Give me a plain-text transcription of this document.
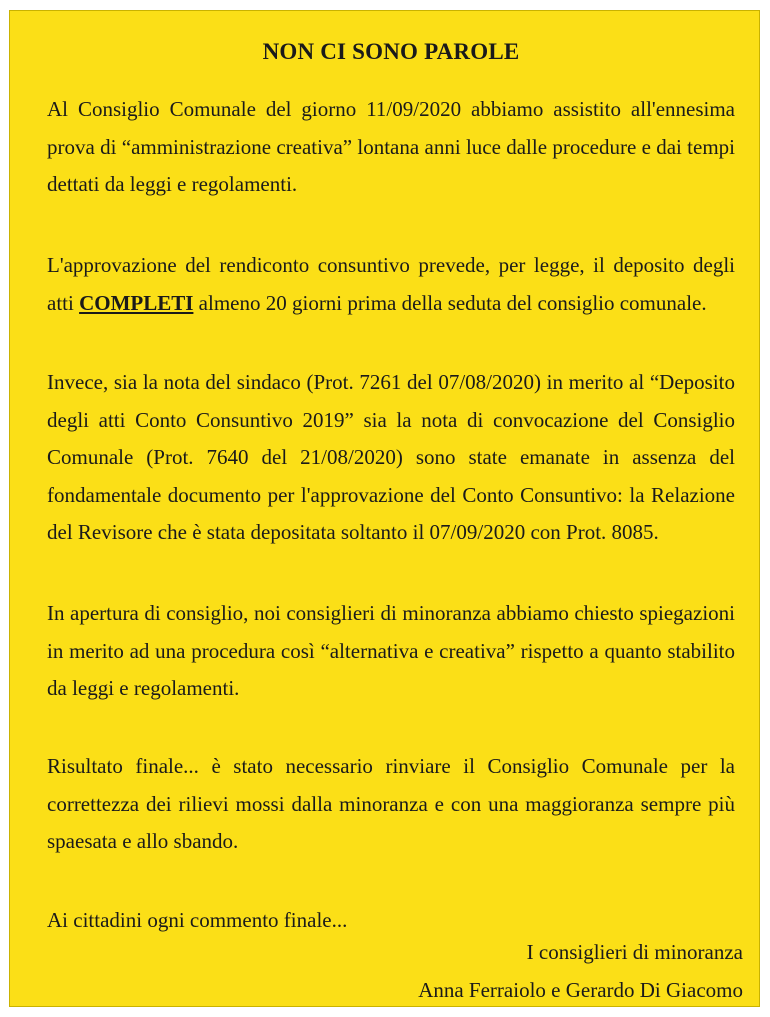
NON CI SONO PAROLE

Al Consiglio Comunale del giorno 11/09/2020 abbiamo assistito all'ennesima prova di “amministrazione creativa” lontana anni luce dalle procedure e dai tempi dettati da leggi e regolamenti.

L'approvazione del rendiconto consuntivo prevede, per legge, il deposito degli atti COMPLETI almeno 20 giorni prima della seduta del consiglio comunale.

Invece, sia la nota del sindaco (Prot. 7261 del 07/08/2020) in merito al “Deposito degli atti Conto Consuntivo 2019” sia la nota di convocazione del Consiglio Comunale (Prot. 7640 del 21/08/2020) sono state emanate in assenza del fondamentale documento per l'approvazione del Conto Consuntivo: la Relazione del Revisore che è stata depositata soltanto il 07/09/2020 con Prot. 8085.

In apertura di consiglio, noi consiglieri di minoranza abbiamo chiesto spiegazioni in merito ad una procedura così “alternativa e creativa” rispetto a quanto stabilito da leggi e regolamenti.

Risultato finale... è stato necessario rinviare il Consiglio Comunale per la correttezza dei rilievi mossi dalla minoranza e con una maggioranza sempre più spaesata e allo sbando.

Ai cittadini ogni commento finale...

I consiglieri di minoranza

Anna Ferraiolo e Gerardo Di Giacomo
